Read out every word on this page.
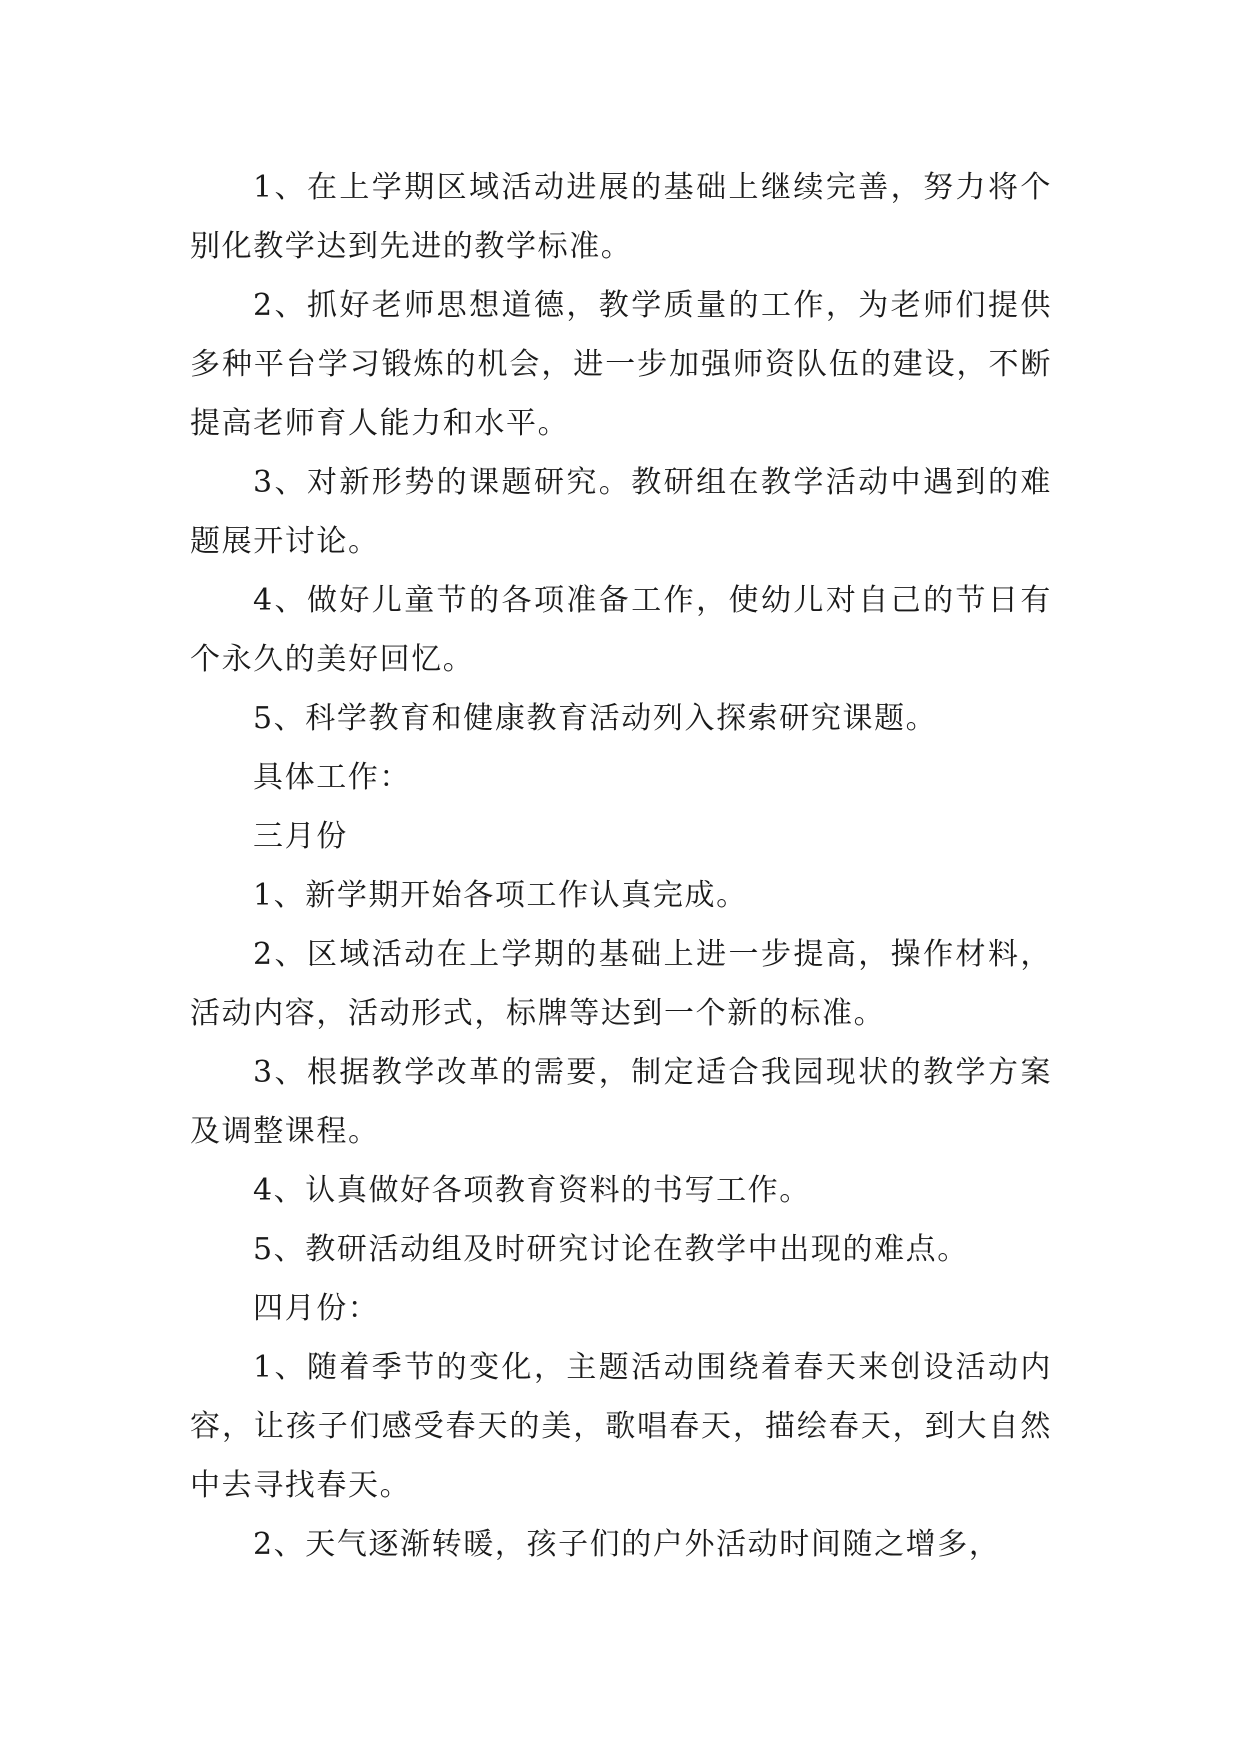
1、在上学期区域活动进展的基础上继续完善，努力将个别化教学达到先进的教学标准。

2、抓好老师思想道德，教学质量的工作，为老师们提供多种平台学习锻炼的机会，进一步加强师资队伍的建设，不断提高老师育人能力和水平。

3、对新形势的课题研究。教研组在教学活动中遇到的难题展开讨论。

4、做好儿童节的各项准备工作，使幼儿对自己的节日有个永久的美好回忆。

5、科学教育和健康教育活动列入探索研究课题。

具体工作：

三月份

1、新学期开始各项工作认真完成。

2、区域活动在上学期的基础上进一步提高，操作材料，活动内容，活动形式，标牌等达到一个新的标准。

3、根据教学改革的需要，制定适合我园现状的教学方案及调整课程。

4、认真做好各项教育资料的书写工作。

5、教研活动组及时研究讨论在教学中出现的难点。

四月份：

1、随着季节的变化，主题活动围绕着春天来创设活动内容，让孩子们感受春天的美，歌唱春天，描绘春天，到大自然中去寻找春天。

2、天气逐渐转暖，孩子们的户外活动时间随之增多，
